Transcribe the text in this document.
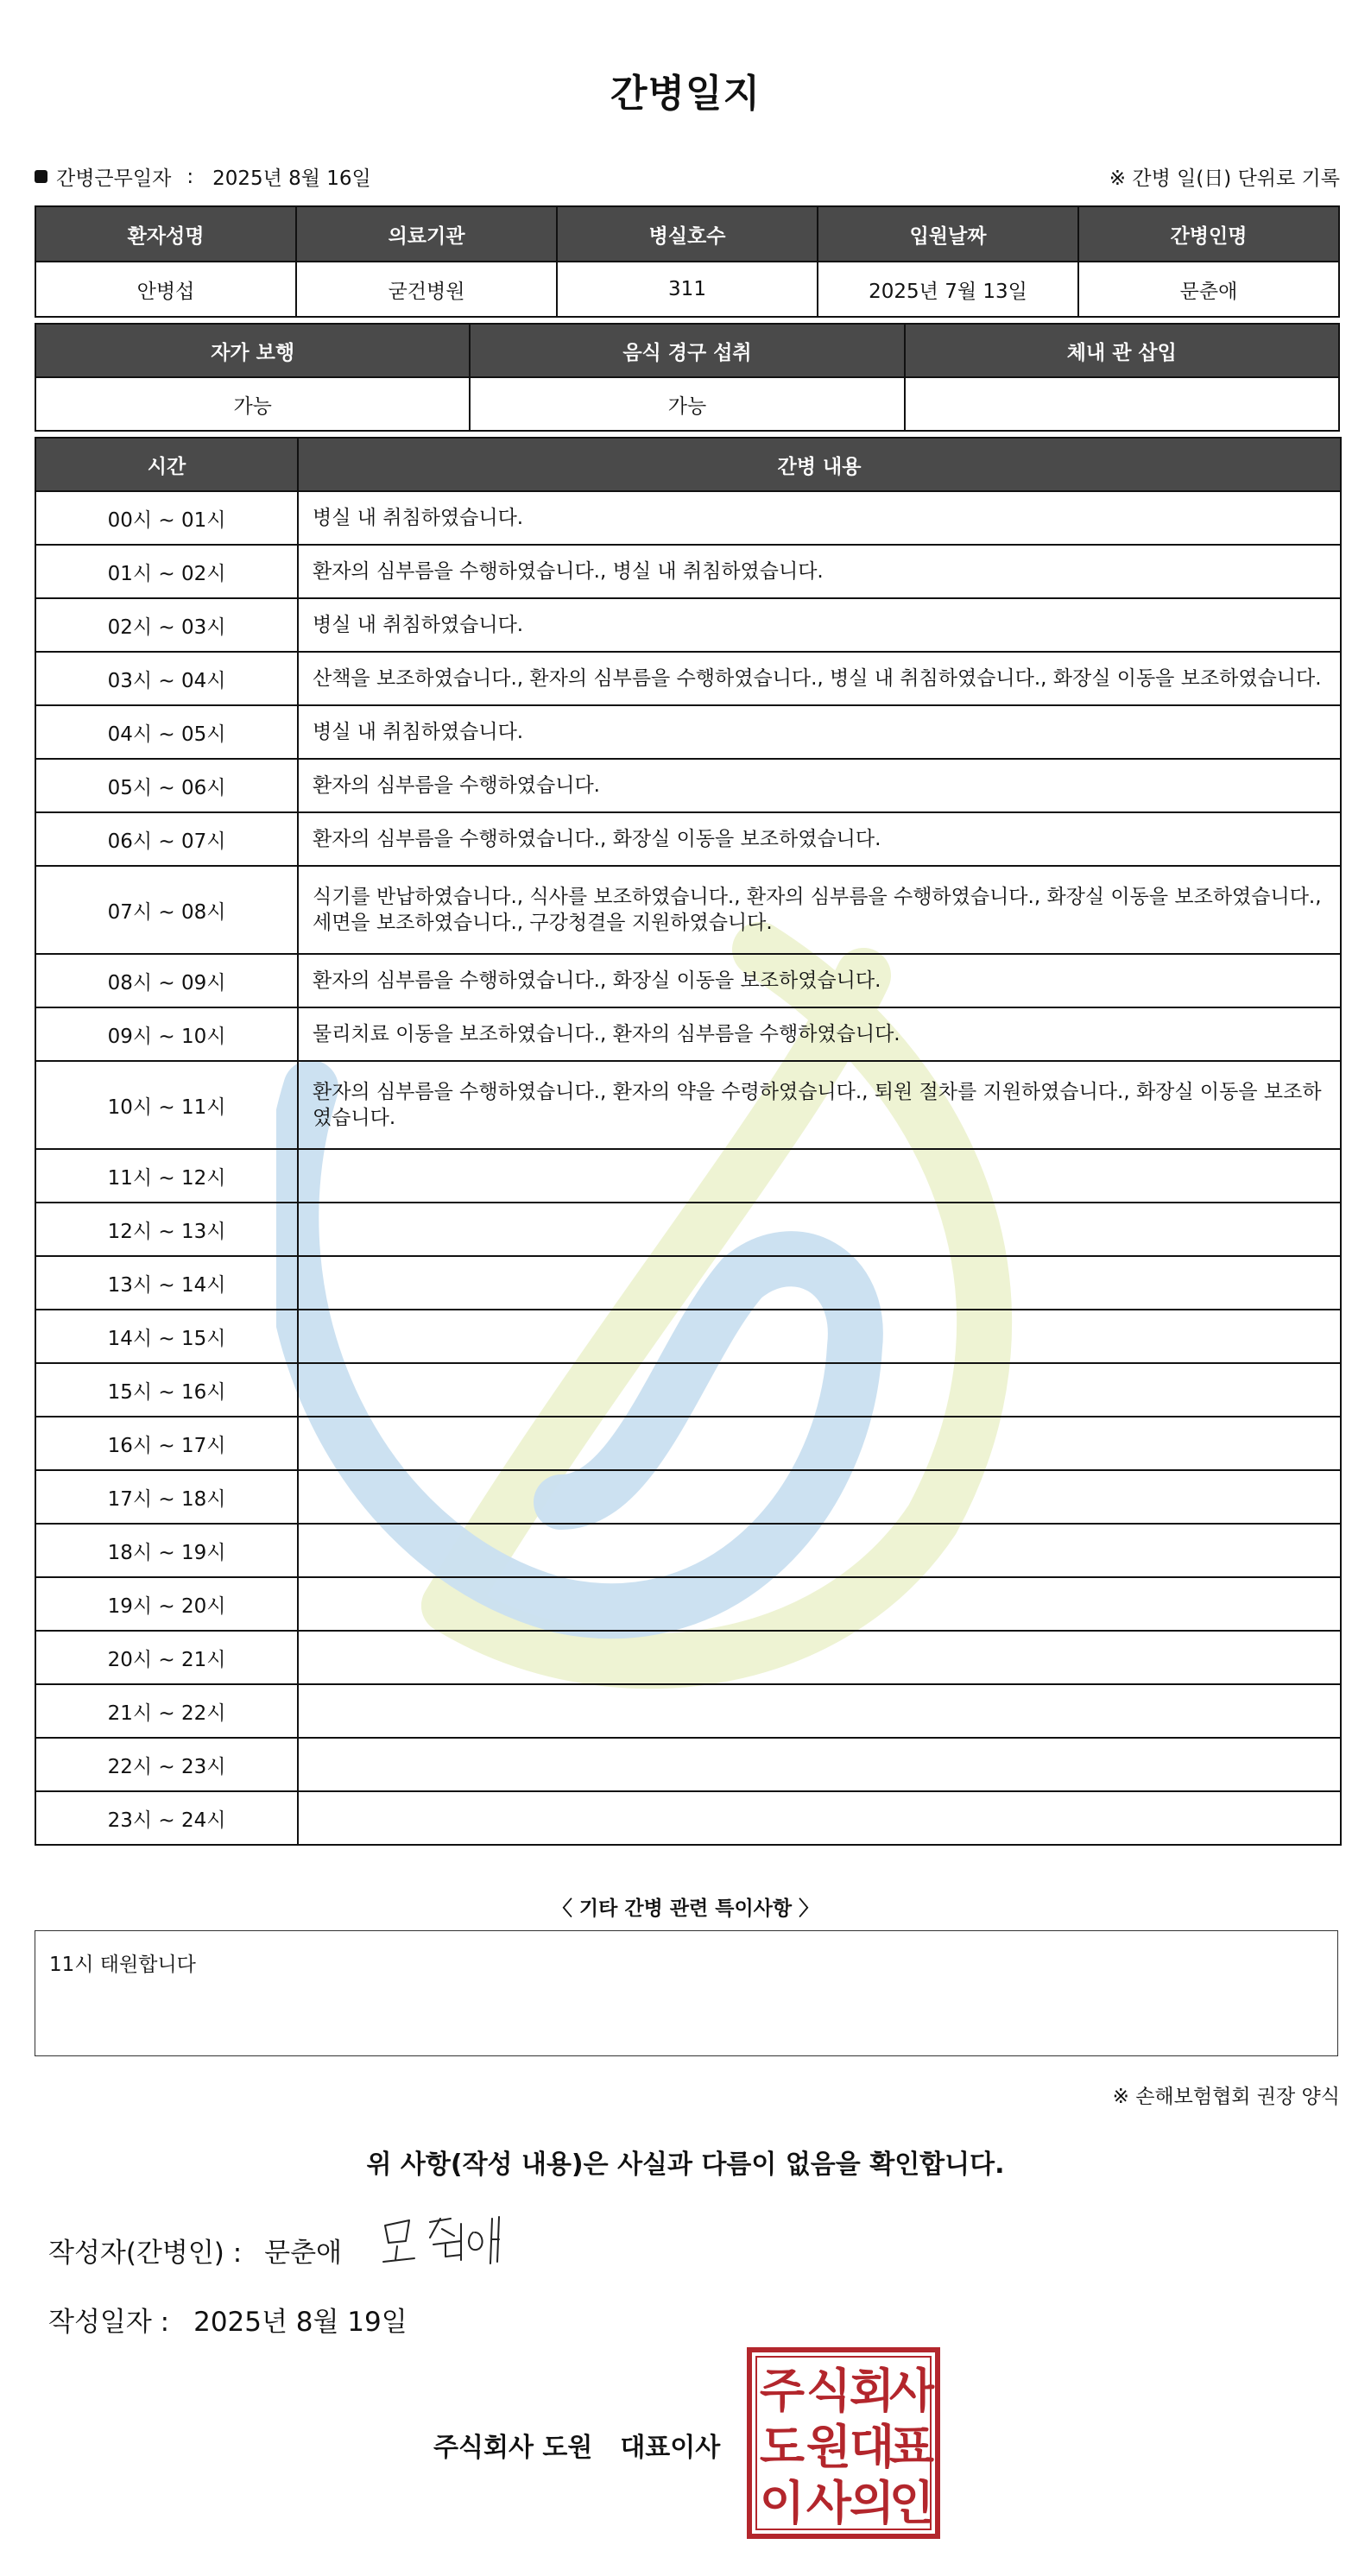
간병일지
간병근무일자 : 2025년 8월 16일	※ 간병 일(日) 단위로 기록
환자성명	의료기관	병실호수	입원날짜	간병인명
안병섭	굳건병원	311	2025년 7월 13일	문춘애
자가 보행	음식 경구 섭취	체내 관 삽입
가능	가능	
시간	간병 내용
00시 ~ 01시	병실 내 취침하였습니다.
01시 ~ 02시	환자의 심부름을 수행하였습니다., 병실 내 취침하였습니다.
02시 ~ 03시	병실 내 취침하였습니다.
03시 ~ 04시	산책을 보조하였습니다., 환자의 심부름을 수행하였습니다., 병실 내 취침하였습니다., 화장실 이동을 보조하였습니다.
04시 ~ 05시	병실 내 취침하였습니다.
05시 ~ 06시	환자의 심부름을 수행하였습니다.
06시 ~ 07시	환자의 심부름을 수행하였습니다., 화장실 이동을 보조하였습니다.
07시 ~ 08시	식기를 반납하였습니다., 식사를 보조하였습니다., 환자의 심부름을 수행하였습니다., 화장실 이동을 보조하였습니다., 세면을 보조하였습니다., 구강청결을 지원하였습니다.
08시 ~ 09시	환자의 심부름을 수행하였습니다., 화장실 이동을 보조하였습니다.
09시 ~ 10시	물리치료 이동을 보조하였습니다., 환자의 심부름을 수행하였습니다.
10시 ~ 11시	환자의 심부름을 수행하였습니다., 환자의 약을 수령하였습니다., 퇴원 절차를 지원하였습니다., 화장실 이동을 보조하였습니다.
11시 ~ 12시	
12시 ~ 13시	
13시 ~ 14시	
14시 ~ 15시	
15시 ~ 16시	
16시 ~ 17시	
17시 ~ 18시	
18시 ~ 19시	
19시 ~ 20시	
20시 ~ 21시	
21시 ~ 22시	
22시 ~ 23시	
23시 ~ 24시	
〈 기타 간병 관련 특이사항 〉
11시 태원합니다
※ 손해보험협회 권장 양식
위 사항(작성 내용)은 사실과 다름이 없음을 확인합니다.
작성자(간병인) : 문춘애
작성일자 : 2025년 8월 19일
주식회사 도원 대표이사
주 식
회
사
도 원
대
표
이 사
의
인
